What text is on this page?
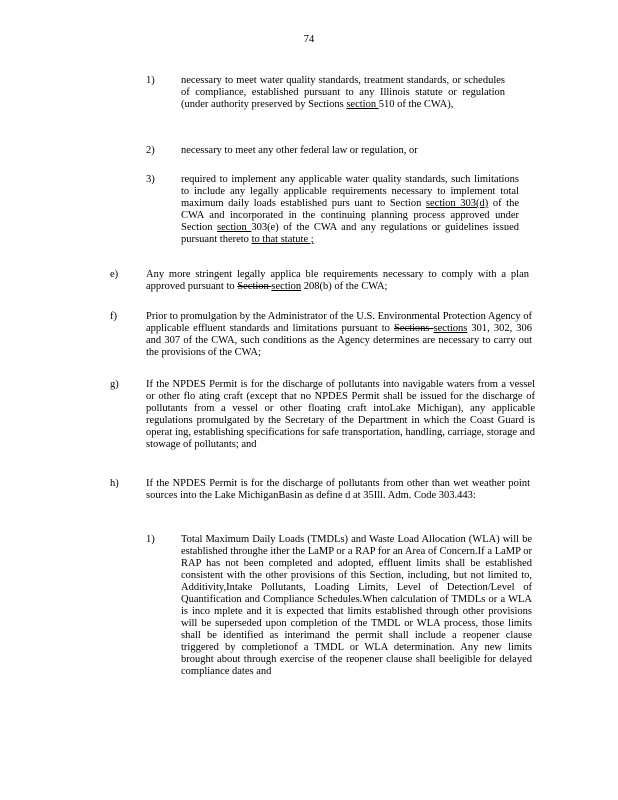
74
1)	necessary to meet water quality standards, treatment standards, or schedules of compliance, established pursuant to any Illinois statute or regulation (under authority preserved by Sections section 510 of the CWA),
2)	necessary to meet any other federal law or regulation, or
3)	required to implement any applicable water quality standards, such limitations to include any legally applicable requirements necessary to implement total maximum daily loads established purs uant to Section section 303(d) of the CWA and incorporated in the continuing planning process approved under Section section 303(e) of the CWA and any regulations or guidelines issued pursuant thereto to that statute ;
e)	Any more stringent legally applica ble requirements necessary to comply with a plan approved pursuant to Section section 208(b) of the CWA;
f)	Prior to promulgation by the Administrator of the U.S. Environmental Protection Agency of applicable effluent standards and limitations pursuant to Sections sections 301, 302, 306 and 307 of the CWA, such conditions as the Agency determines are necessary to carry out the provisions of the CWA;
g)	If the NPDES Permit is for the discharge of pollutants into navigable waters from a vessel or other flo ating craft (except that no NPDES Permit shall be issued for the discharge of pollutants from a vessel or other floating craft intoLake Michigan), any applicable regulations promulgated by the Secretary of the Department in which the Coast Guard is operat ing, establishing specifications for safe transportation, handling, carriage, storage and stowage of pollutants; and
h)	If the NPDES Permit is for the discharge of pollutants from other than wet weather point sources into the Lake MichiganBasin as define d at 35Ill. Adm. Code 303.443:
1)	Total Maximum Daily Loads (TMDLs) and Waste Load Allocation (WLA) will be established throughe ither the LaMP or a RAP for an Area of Concern.If a LaMP or RAP has not been completed and adopted, effluent limits shall be established consistent with the other provisions of this Section, including, but not limited to, Additivity,Intake Pollutants, Loading Limits, Level of Detection/Level of Quantification and Compliance Schedules.When calculation of TMDLs or a WLA is inco mplete and it is expected that limits established through other provisions will be superseded upon completion of the TMDL or WLA process, those limits shall be identified as interimand the permit shall include a reopener clause triggered by completionof a TMDL or WLA determination. Any new limits brought about through exercise of the reopener clause shall beeligible for delayed compliance dates and
